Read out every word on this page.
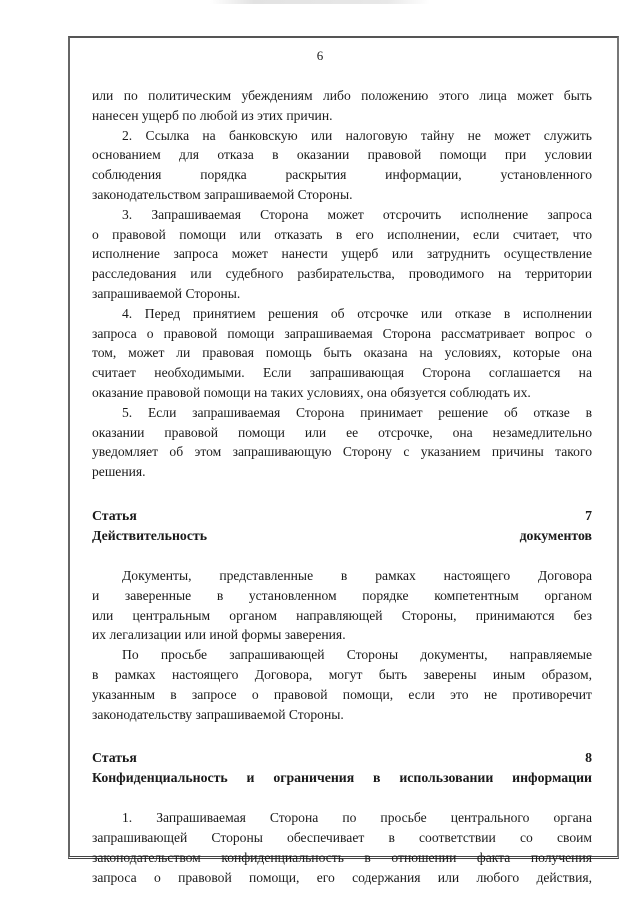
6

или по политическим убеждениям либо положению этого лица может быть

нанесен ущерб по любой из этих причин.

2. Ссылка на банковскую или налоговую тайну не может служить

основанием для отказа в оказании правовой помощи при условии

соблюдения порядка раскрытия информации, установленного

законодательством запрашиваемой Стороны.

3. Запрашиваемая Сторона может отсрочить исполнение запроса

о правовой помощи или отказать в его исполнении, если считает, что

исполнение запроса может нанести ущерб или затруднить осуществление

расследования или судебного разбирательства, проводимого на территории

запрашиваемой Стороны.

4. Перед принятием решения об отсрочке или отказе в исполнении

запроса о правовой помощи запрашиваемая Сторона рассматривает вопрос о

том, может ли правовая помощь быть оказана на условиях, которые она

считает необходимыми. Если запрашивающая Сторона соглашается на

оказание правовой помощи на таких условиях, она обязуется соблюдать их.

5. Если запрашиваемая Сторона принимает решение об отказе в

оказании правовой помощи или ее отсрочке, она незамедлительно

уведомляет об этом запрашивающую Сторону с указанием причины такого

решения.

Статья 7

Действительность документов

Документы, представленные в рамках настоящего Договора

и заверенные в установленном порядке компетентным органом

или центральным органом направляющей Стороны, принимаются без

их легализации или иной формы заверения.

По просьбе запрашивающей Стороны документы, направляемые

в рамках настоящего Договора, могут быть заверены иным образом,

указанным в запросе о правовой помощи, если это не противоречит

законодательству запрашиваемой Стороны.

Статья 8

Конфиденциальность и ограничения в использовании информации

1. Запрашиваемая Сторона по просьбе центрального органа

запрашивающей Стороны обеспечивает в соответствии со своим

законодательством конфиденциальность в отношении факта получения

запроса о правовой помощи, его содержания или любого действия,
